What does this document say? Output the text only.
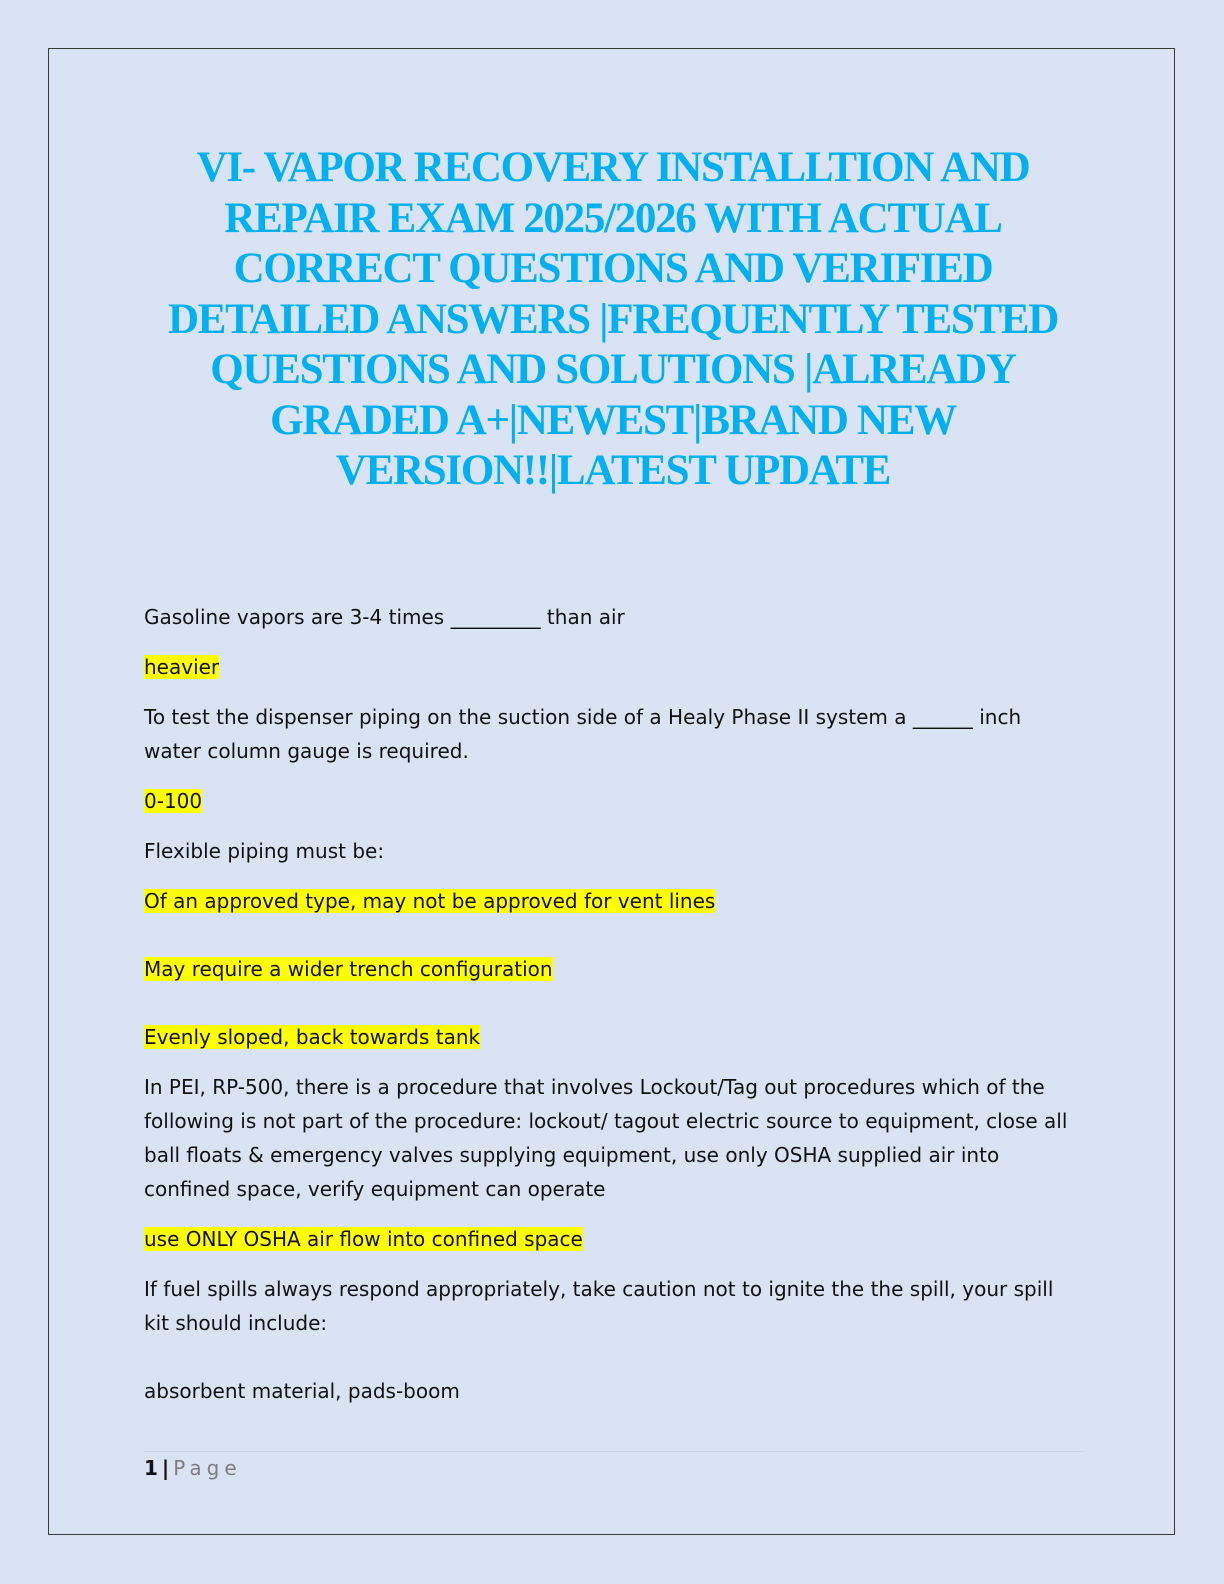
VI- VAPOR RECOVERY INSTALLTION AND REPAIR EXAM 2025/2026 WITH ACTUAL CORRECT QUESTIONS AND VERIFIED DETAILED ANSWERS |FREQUENTLY TESTED QUESTIONS AND SOLUTIONS |ALREADY GRADED A+|NEWEST|BRAND NEW VERSION!!|LATEST UPDATE

Gasoline vapors are 3-4 times _________ than air

heavier

To test the dispenser piping on the suction side of a Healy Phase II system a ______ inch water column gauge is required.

0-100

Flexible piping must be:

Of an approved type, may not be approved for vent lines

May require a wider trench configuration

Evenly sloped, back towards tank

In PEI, RP-500, there is a procedure that involves Lockout/Tag out procedures which of the following is not part of the procedure: lockout/ tagout electric source to equipment, close all ball floats & emergency valves supplying equipment, use only OSHA supplied air into confined space, verify equipment can operate

use ONLY OSHA air flow into confined space

If fuel spills always respond appropriately, take caution not to ignite the the spill, your spill kit should include:

absorbent material, pads-boom

1 | Page
